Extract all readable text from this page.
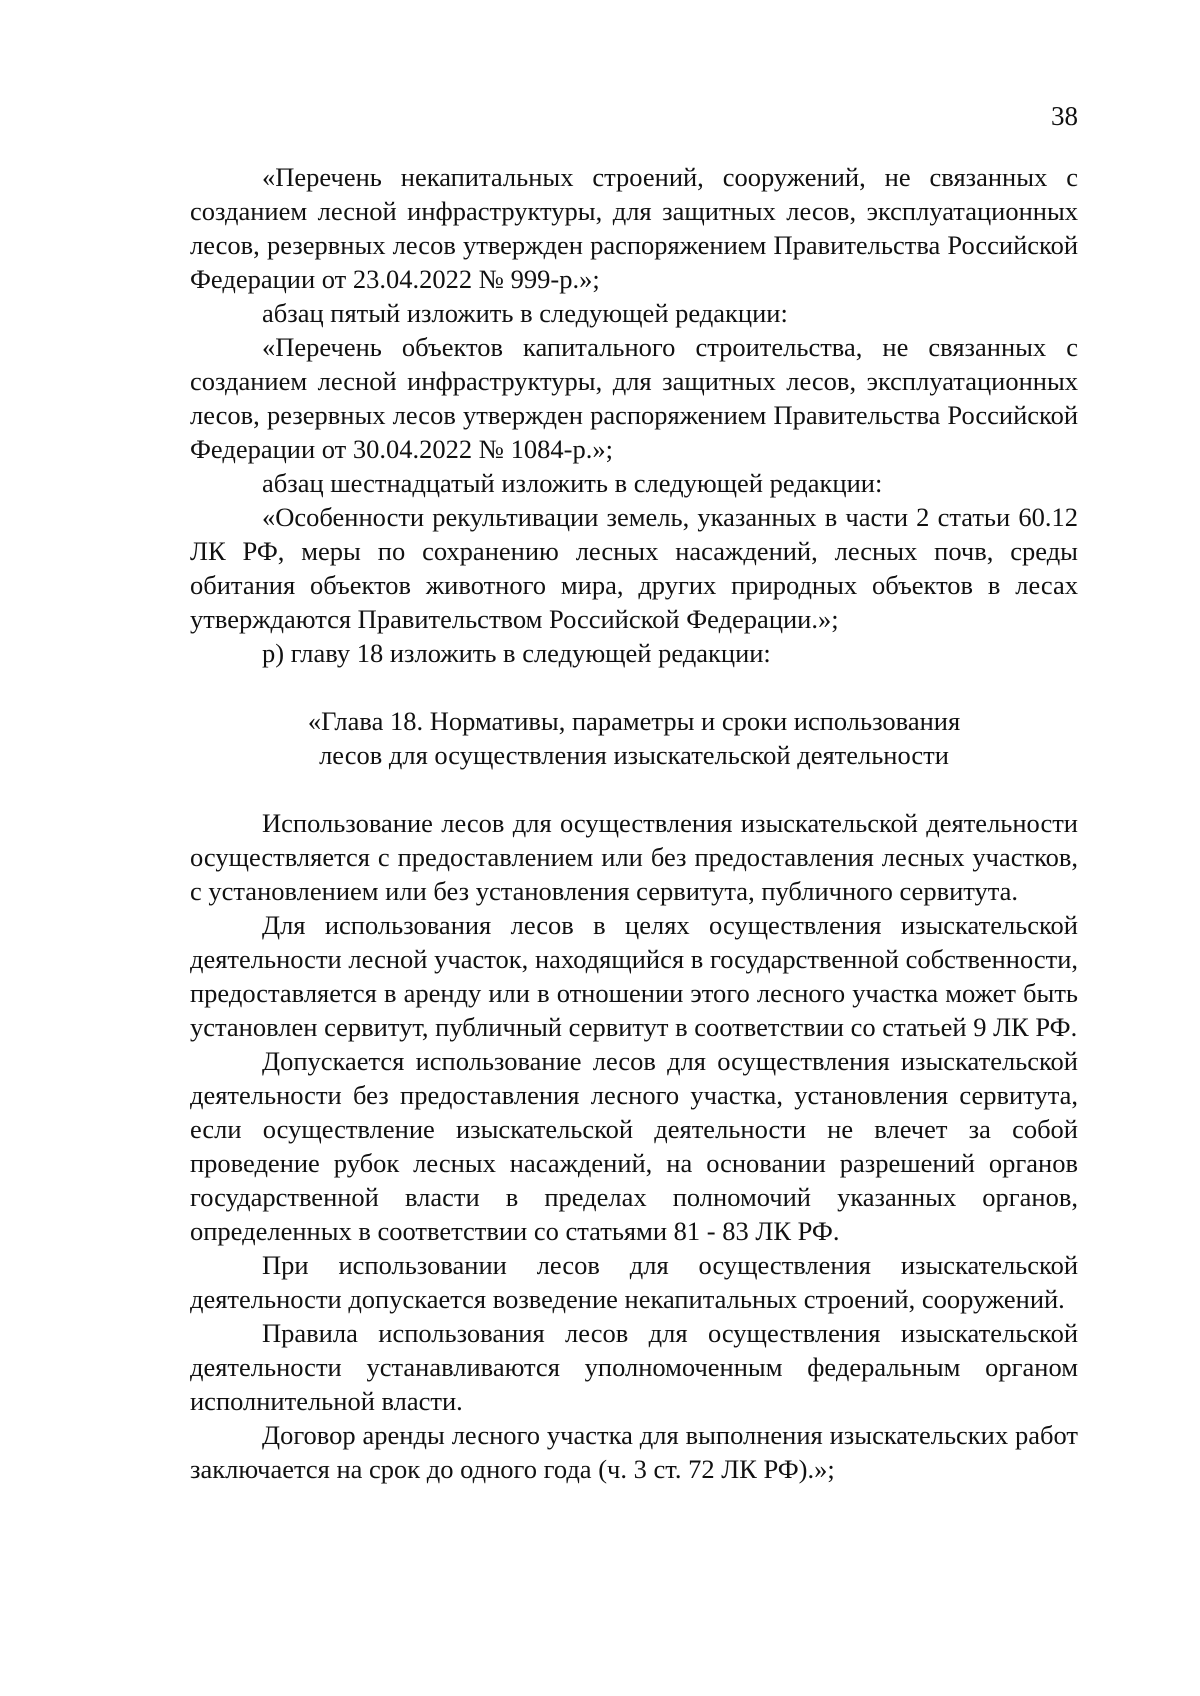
38

«Перечень некапитальных строений, сооружений, не связанных с созданием лесной инфраструктуры, для защитных лесов, эксплуатационных лесов, резервных лесов утвержден распоряжением Правительства Российской Федерации от 23.04.2022 № 999-р.»;

абзац пятый изложить в следующей редакции:

«Перечень объектов капитального строительства, не связанных с созданием лесной инфраструктуры, для защитных лесов, эксплуатационных лесов, резервных лесов утвержден распоряжением Правительства Российской Федерации от 30.04.2022 № 1084-р.»;

абзац шестнадцатый изложить в следующей редакции:

«Особенности рекультивации земель, указанных в части 2 статьи 60.12 ЛК РФ, меры по сохранению лесных насаждений, лесных почв, среды обитания объектов животного мира, других природных объектов в лесах утверждаются Правительством Российской Федерации.»;

р) главу 18 изложить в следующей редакции:

«Глава 18. Нормативы, параметры и сроки использования
лесов для осуществления изыскательской деятельности

Использование лесов для осуществления изыскательской деятельности осуществляется с предоставлением или без предоставления лесных участков, с установлением или без установления сервитута, публичного сервитута.

Для использования лесов в целях осуществления изыскательской деятельности лесной участок, находящийся в государственной собственности, предоставляется в аренду или в отношении этого лесного участка может быть установлен сервитут, публичный сервитут в соответствии со статьей 9 ЛК РФ.

Допускается использование лесов для осуществления изыскательской деятельности без предоставления лесного участка, установления сервитута, если осуществление изыскательской деятельности не влечет за собой проведение рубок лесных насаждений, на основании разрешений органов государственной власти в пределах полномочий указанных органов, определенных в соответствии со статьями 81 - 83 ЛК РФ.

При использовании лесов для осуществления изыскательской деятельности допускается возведение некапитальных строений, сооружений.

Правила использования лесов для осуществления изыскательской деятельности устанавливаются уполномоченным федеральным органом исполнительной власти.

Договор аренды лесного участка для выполнения изыскательских работ заключается на срок до одного года (ч. 3 ст. 72 ЛК РФ).»;
